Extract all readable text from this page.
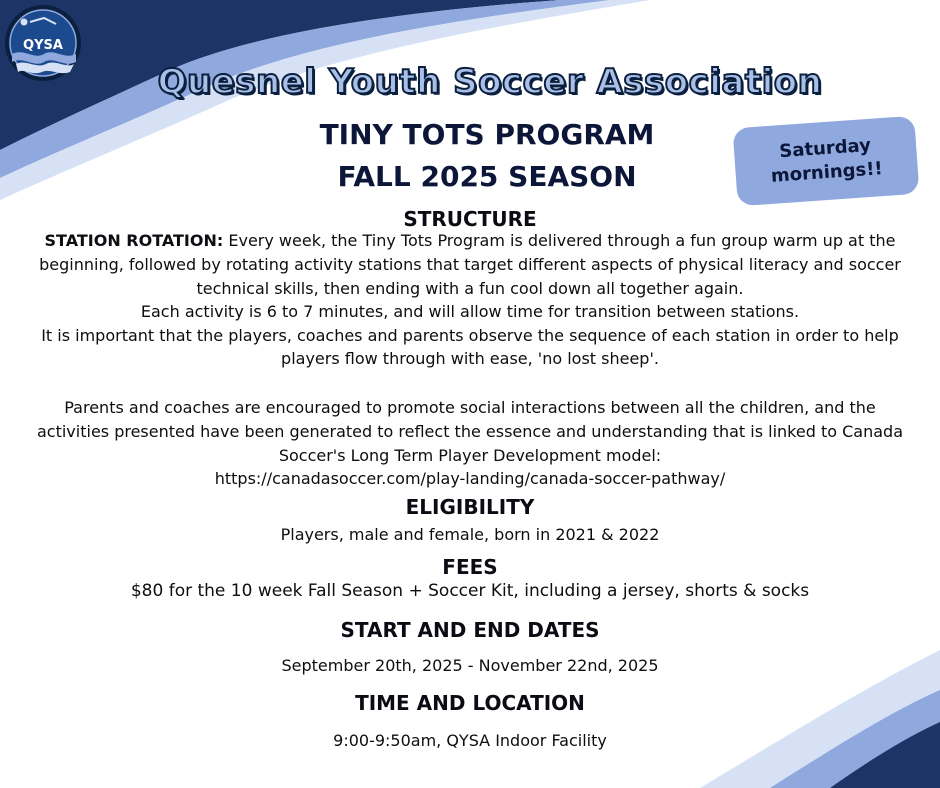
QYSA
Quesnel Youth Soccer Association
TINY TOTS PROGRAM
FALL 2025 SEASON
Saturday
mornings!!
STRUCTURE
STATION ROTATION: Every week, the Tiny Tots Program is delivered through a fun group warm up at the
beginning, followed by rotating activity stations that target different aspects of physical literacy and soccer
technical skills, then ending with a fun cool down all together again.
Each activity is 6 to 7 minutes, and will allow time for transition between stations.
It is important that the players, coaches and parents observe the sequence of each station in order to help
players flow through with ease, 'no lost sheep'.
Parents and coaches are encouraged to promote social interactions between all the children, and the
activities presented have been generated to reflect the essence and understanding that is linked to Canada
Soccer's Long Term Player Development model:
https://canadasoccer.com/play-landing/canada-soccer-pathway/
ELIGIBILITY
Players, male and female, born in 2021 & 2022
FEES
$80 for the 10 week Fall Season + Soccer Kit, including a jersey, shorts & socks
START AND END DATES
September 20th, 2025 - November 22nd, 2025
TIME AND LOCATION
9:00-9:50am, QYSA Indoor Facility
